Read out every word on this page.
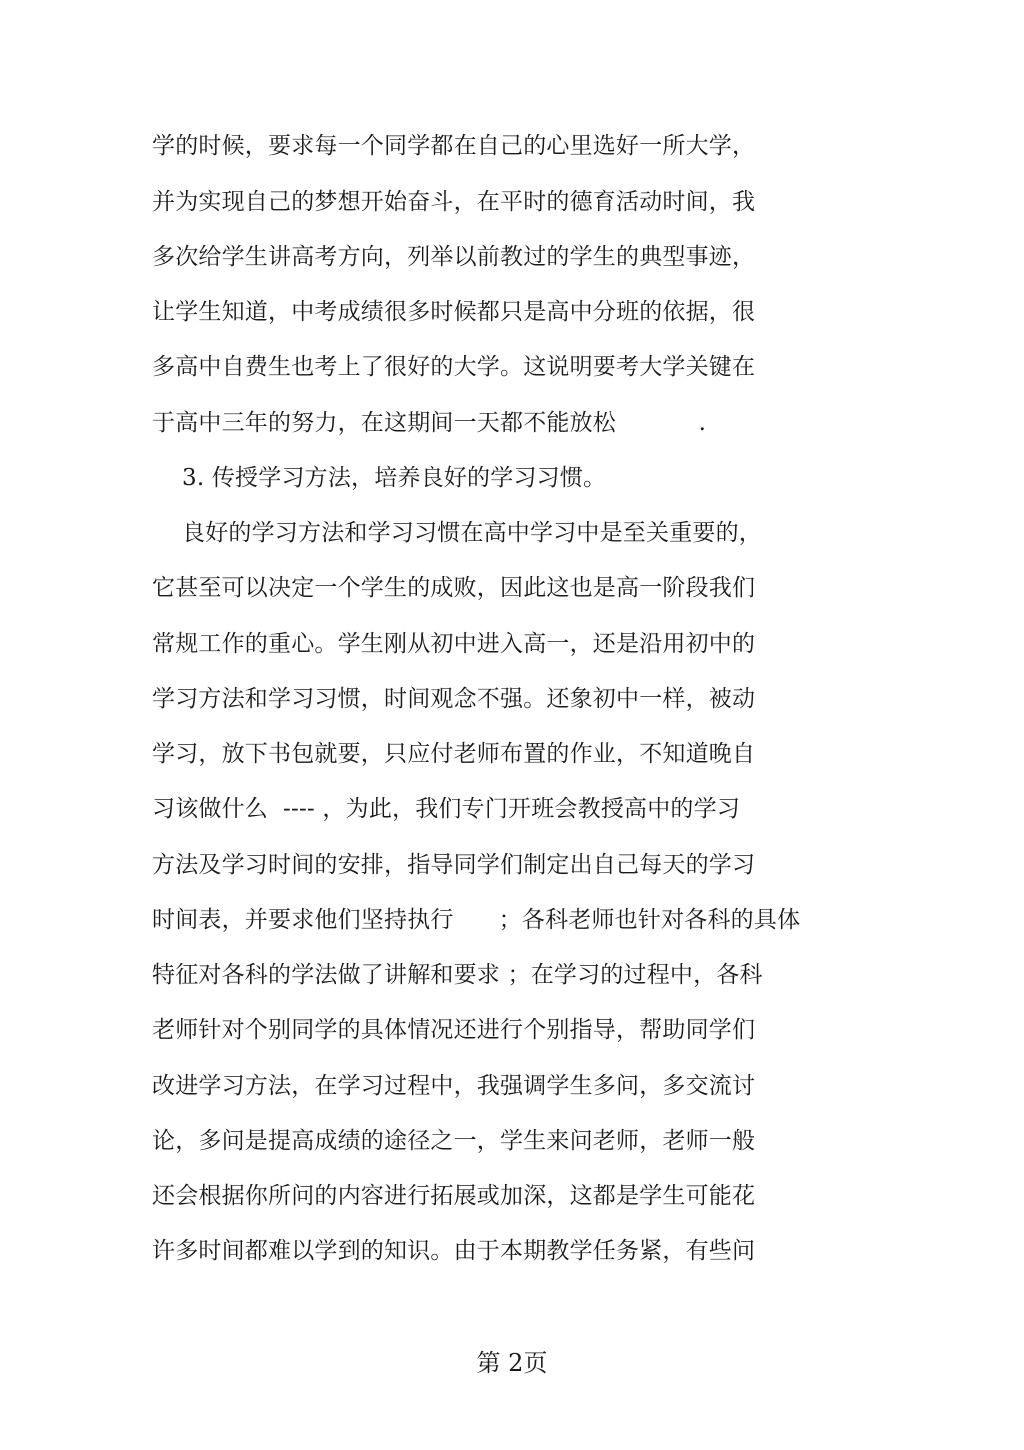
学的时候，要求每一个同学都在自己的心里选好一所大学，
并为实现自己的梦想开始奋斗，在平时的德育活动时间，我
多次给学生讲高考方向，列举以前教过的学生的典型事迹，
让学生知道，中考成绩很多时候都只是高中分班的依据，很
多高中自费生也考上了很好的大学。这说明要考大学关键在
于高中三年的努力，在这期间一天都不能放松           .
3. 传授学习方法，培养良好的学习习惯。
良好的学习方法和学习习惯在高中学习中是至关重要的，
它甚至可以决定一个学生的成败，因此这也是高一阶段我们
常规工作的重心。学生刚从初中进入高一，还是沿用初中的
学习方法和学习习惯，时间观念不强。还象初中一样，被动
学习，放下书包就要，只应付老师布置的作业，不知道晚自
习该做什么  ---- ，为此，我们专门开班会教授高中的学习
方法及学习时间的安排，指导同学们制定出自己每天的学习
时间表，并要求他们坚持执行      ；各科老师也针对各科的具体
特征对各科的学法做了讲解和要求 ；在学习的过程中，各科
老师针对个别同学的具体情况还进行个别指导，帮助同学们
改进学习方法，在学习过程中，我强调学生多问，多交流讨
论，多问是提高成绩的途径之一，学生来问老师，老师一般
还会根据你所问的内容进行拓展或加深，这都是学生可能花
许多时间都难以学到的知识。由于本期教学任务紧，有些问
第 2页
